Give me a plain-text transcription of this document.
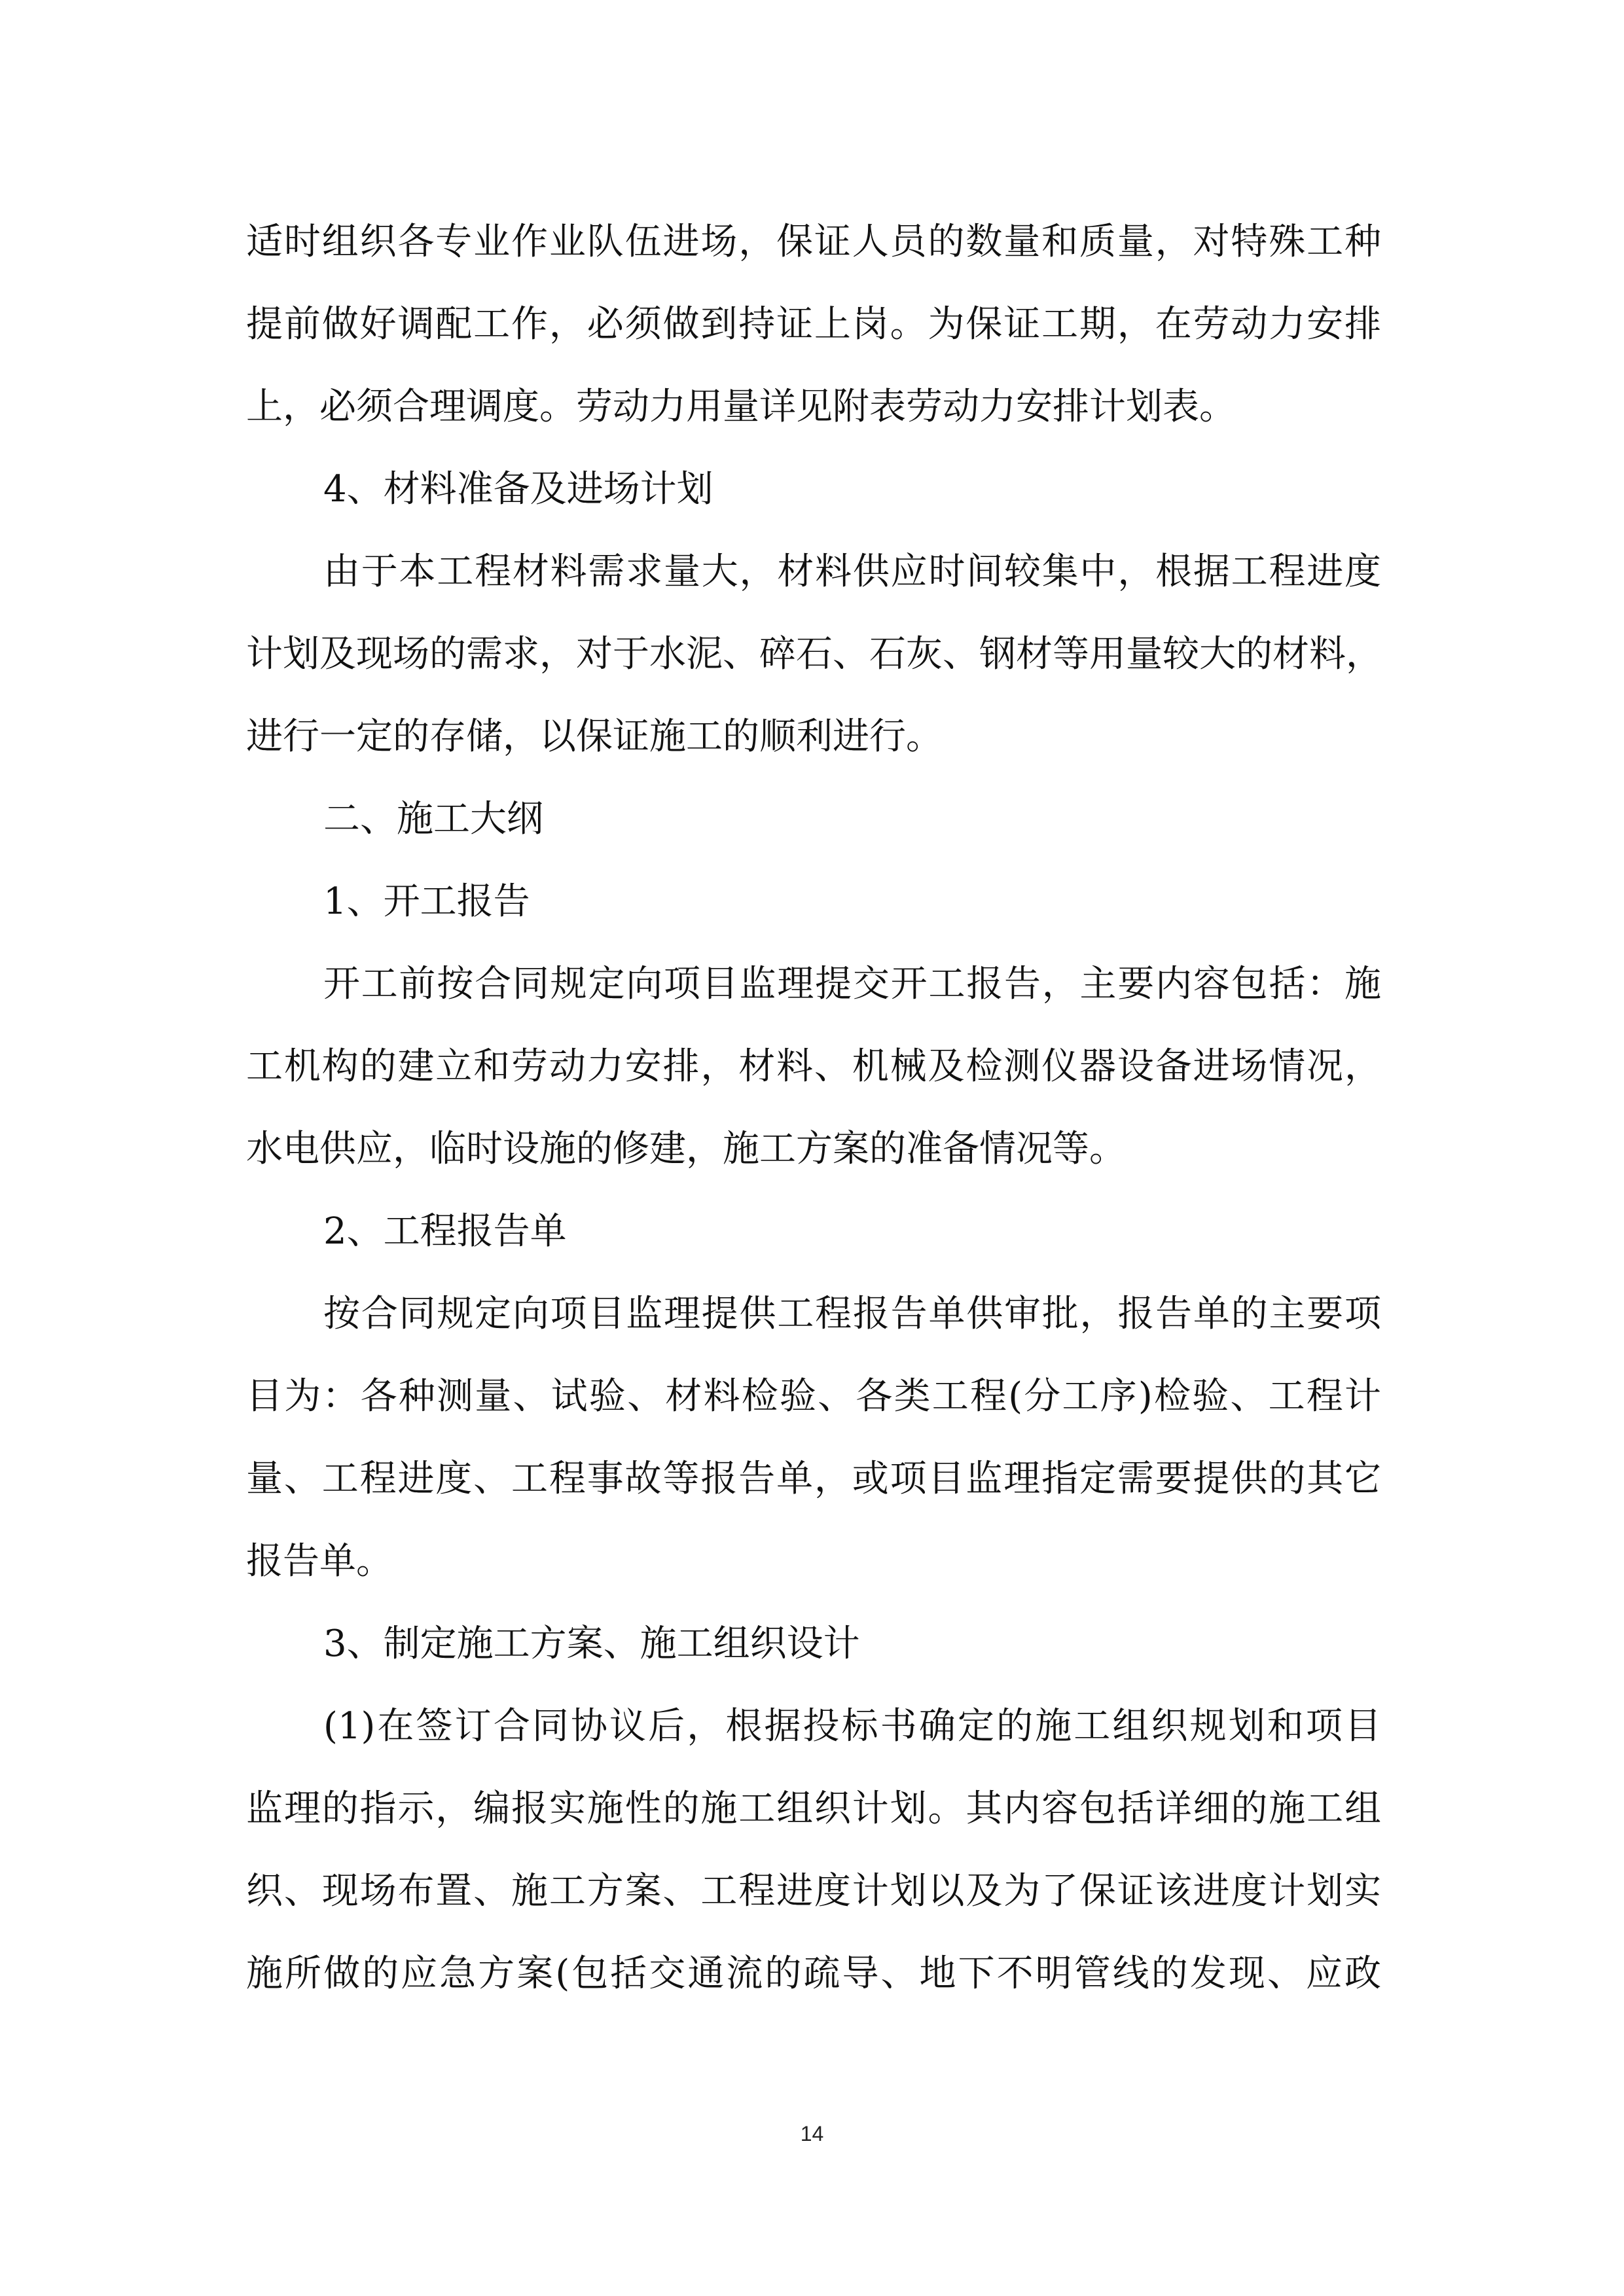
适时组织各专业作业队伍进场，保证人员的数量和质量，对特殊工种
提前做好调配工作，必须做到持证上岗。为保证工期，在劳动力安排
上，必须合理调度。劳动力用量详见附表劳动力安排计划表。
4、材料准备及进场计划
由于本工程材料需求量大，材料供应时间较集中，根据工程进度
计划及现场的需求，对于水泥、碎石、石灰、钢材等用量较大的材料，
进行一定的存储，以保证施工的顺利进行。
二、施工大纲
1、开工报告
开工前按合同规定向项目监理提交开工报告，主要内容包括：施
工机构的建立和劳动力安排，材料、机械及检测仪器设备进场情况，
水电供应，临时设施的修建，施工方案的准备情况等。
2、工程报告单
按合同规定向项目监理提供工程报告单供审批，报告单的主要项
目为：各种测量、试验、材料检验、各类工程(分工序)检验、工程计
量、工程进度、工程事故等报告单，或项目监理指定需要提供的其它
报告单。
3、制定施工方案、施工组织设计
(1)在签订合同协议后，根据投标书确定的施工组织规划和项目
监理的指示，编报实施性的施工组织计划。其内容包括详细的施工组
织、现场布置、施工方案、工程进度计划以及为了保证该进度计划实
施所做的应急方案(包括交通流的疏导、地下不明管线的发现、应政
14
